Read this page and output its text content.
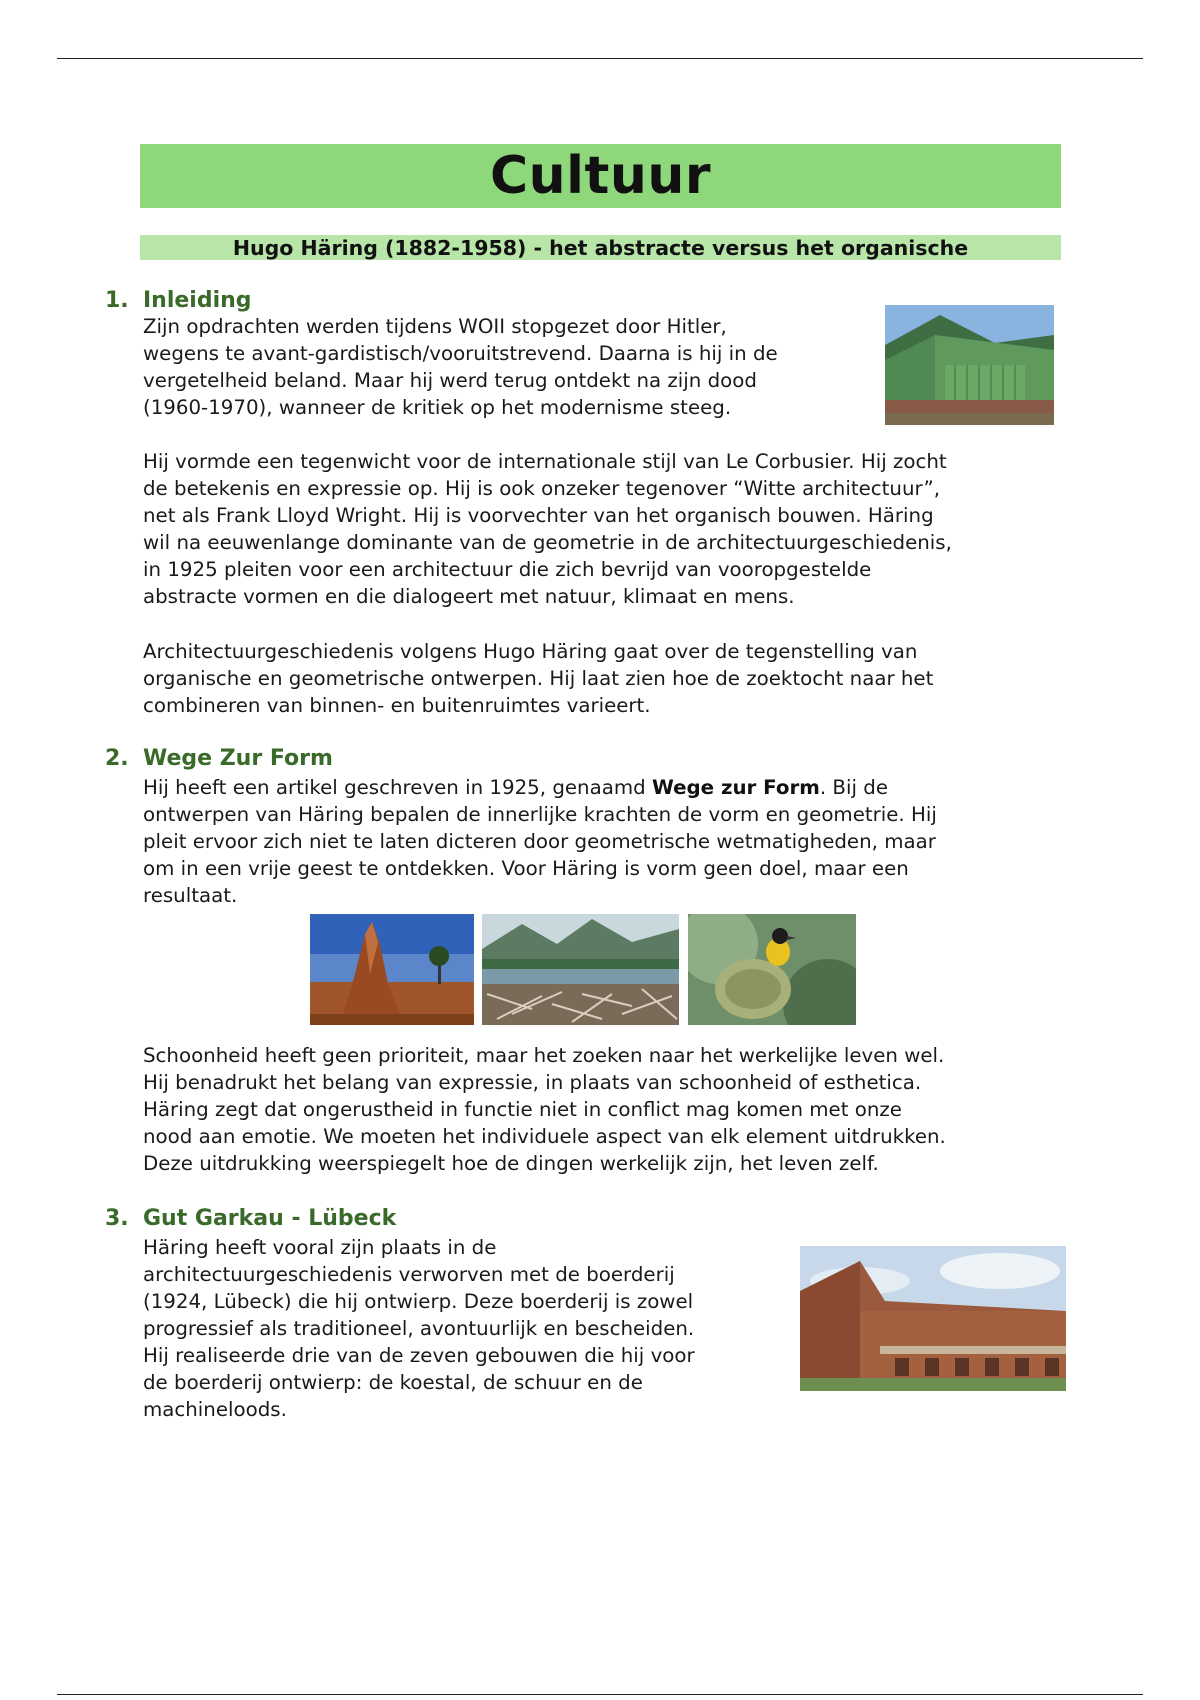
Cultuur
Hugo Häring (1882-1958) - het abstracte versus het organische
1. Inleiding

Zijn opdrachten werden tijdens WOII stopgezet door Hitler,
wegens te avant-gardistisch/vooruitstrevend. Daarna is hij in de
vergetelheid beland. Maar hij werd terug ontdekt na zijn dood
(1960-1970), wanneer de kritiek op het modernisme steeg.

Hij vormde een tegenwicht voor de internationale stijl van Le Corbusier. Hij zocht
de betekenis en expressie op. Hij is ook onzeker tegenover “Witte architectuur”,
net als Frank Lloyd Wright. Hij is voorvechter van het organisch bouwen. Häring
wil na eeuwenlange dominante van de geometrie in de architectuurgeschiedenis,
in 1925 pleiten voor een architectuur die zich bevrijd van vooropgestelde
abstracte vormen en die dialogeert met natuur, klimaat en mens.

Architectuurgeschiedenis volgens Hugo Häring gaat over de tegenstelling van
organische en geometrische ontwerpen. Hij laat zien hoe de zoektocht naar het
combineren van binnen- en buitenruimtes varieert.

2. Wege Zur Form

Hij heeft een artikel geschreven in 1925, genaamd Wege zur Form. Bij de
ontwerpen van Häring bepalen de innerlijke krachten de vorm en geometrie. Hij
pleit ervoor zich niet te laten dicteren door geometrische wetmatigheden, maar
om in een vrije geest te ontdekken. Voor Häring is vorm geen doel, maar een
resultaat.

Schoonheid heeft geen prioriteit, maar het zoeken naar het werkelijke leven wel.
Hij benadrukt het belang van expressie, in plaats van schoonheid of esthetica.
Häring zegt dat ongerustheid in functie niet in conflict mag komen met onze
nood aan emotie. We moeten het individuele aspect van elk element uitdrukken.
Deze uitdrukking weerspiegelt hoe de dingen werkelijk zijn, het leven zelf.

3. Gut Garkau - Lübeck

Häring heeft vooral zijn plaats in de
architectuurgeschiedenis verworven met de boerderij
(1924, Lübeck) die hij ontwierp. Deze boerderij is zowel
progressief als traditioneel, avontuurlijk en bescheiden.
Hij realiseerde drie van de zeven gebouwen die hij voor
de boerderij ontwierp: de koestal, de schuur en de
machineloods.
